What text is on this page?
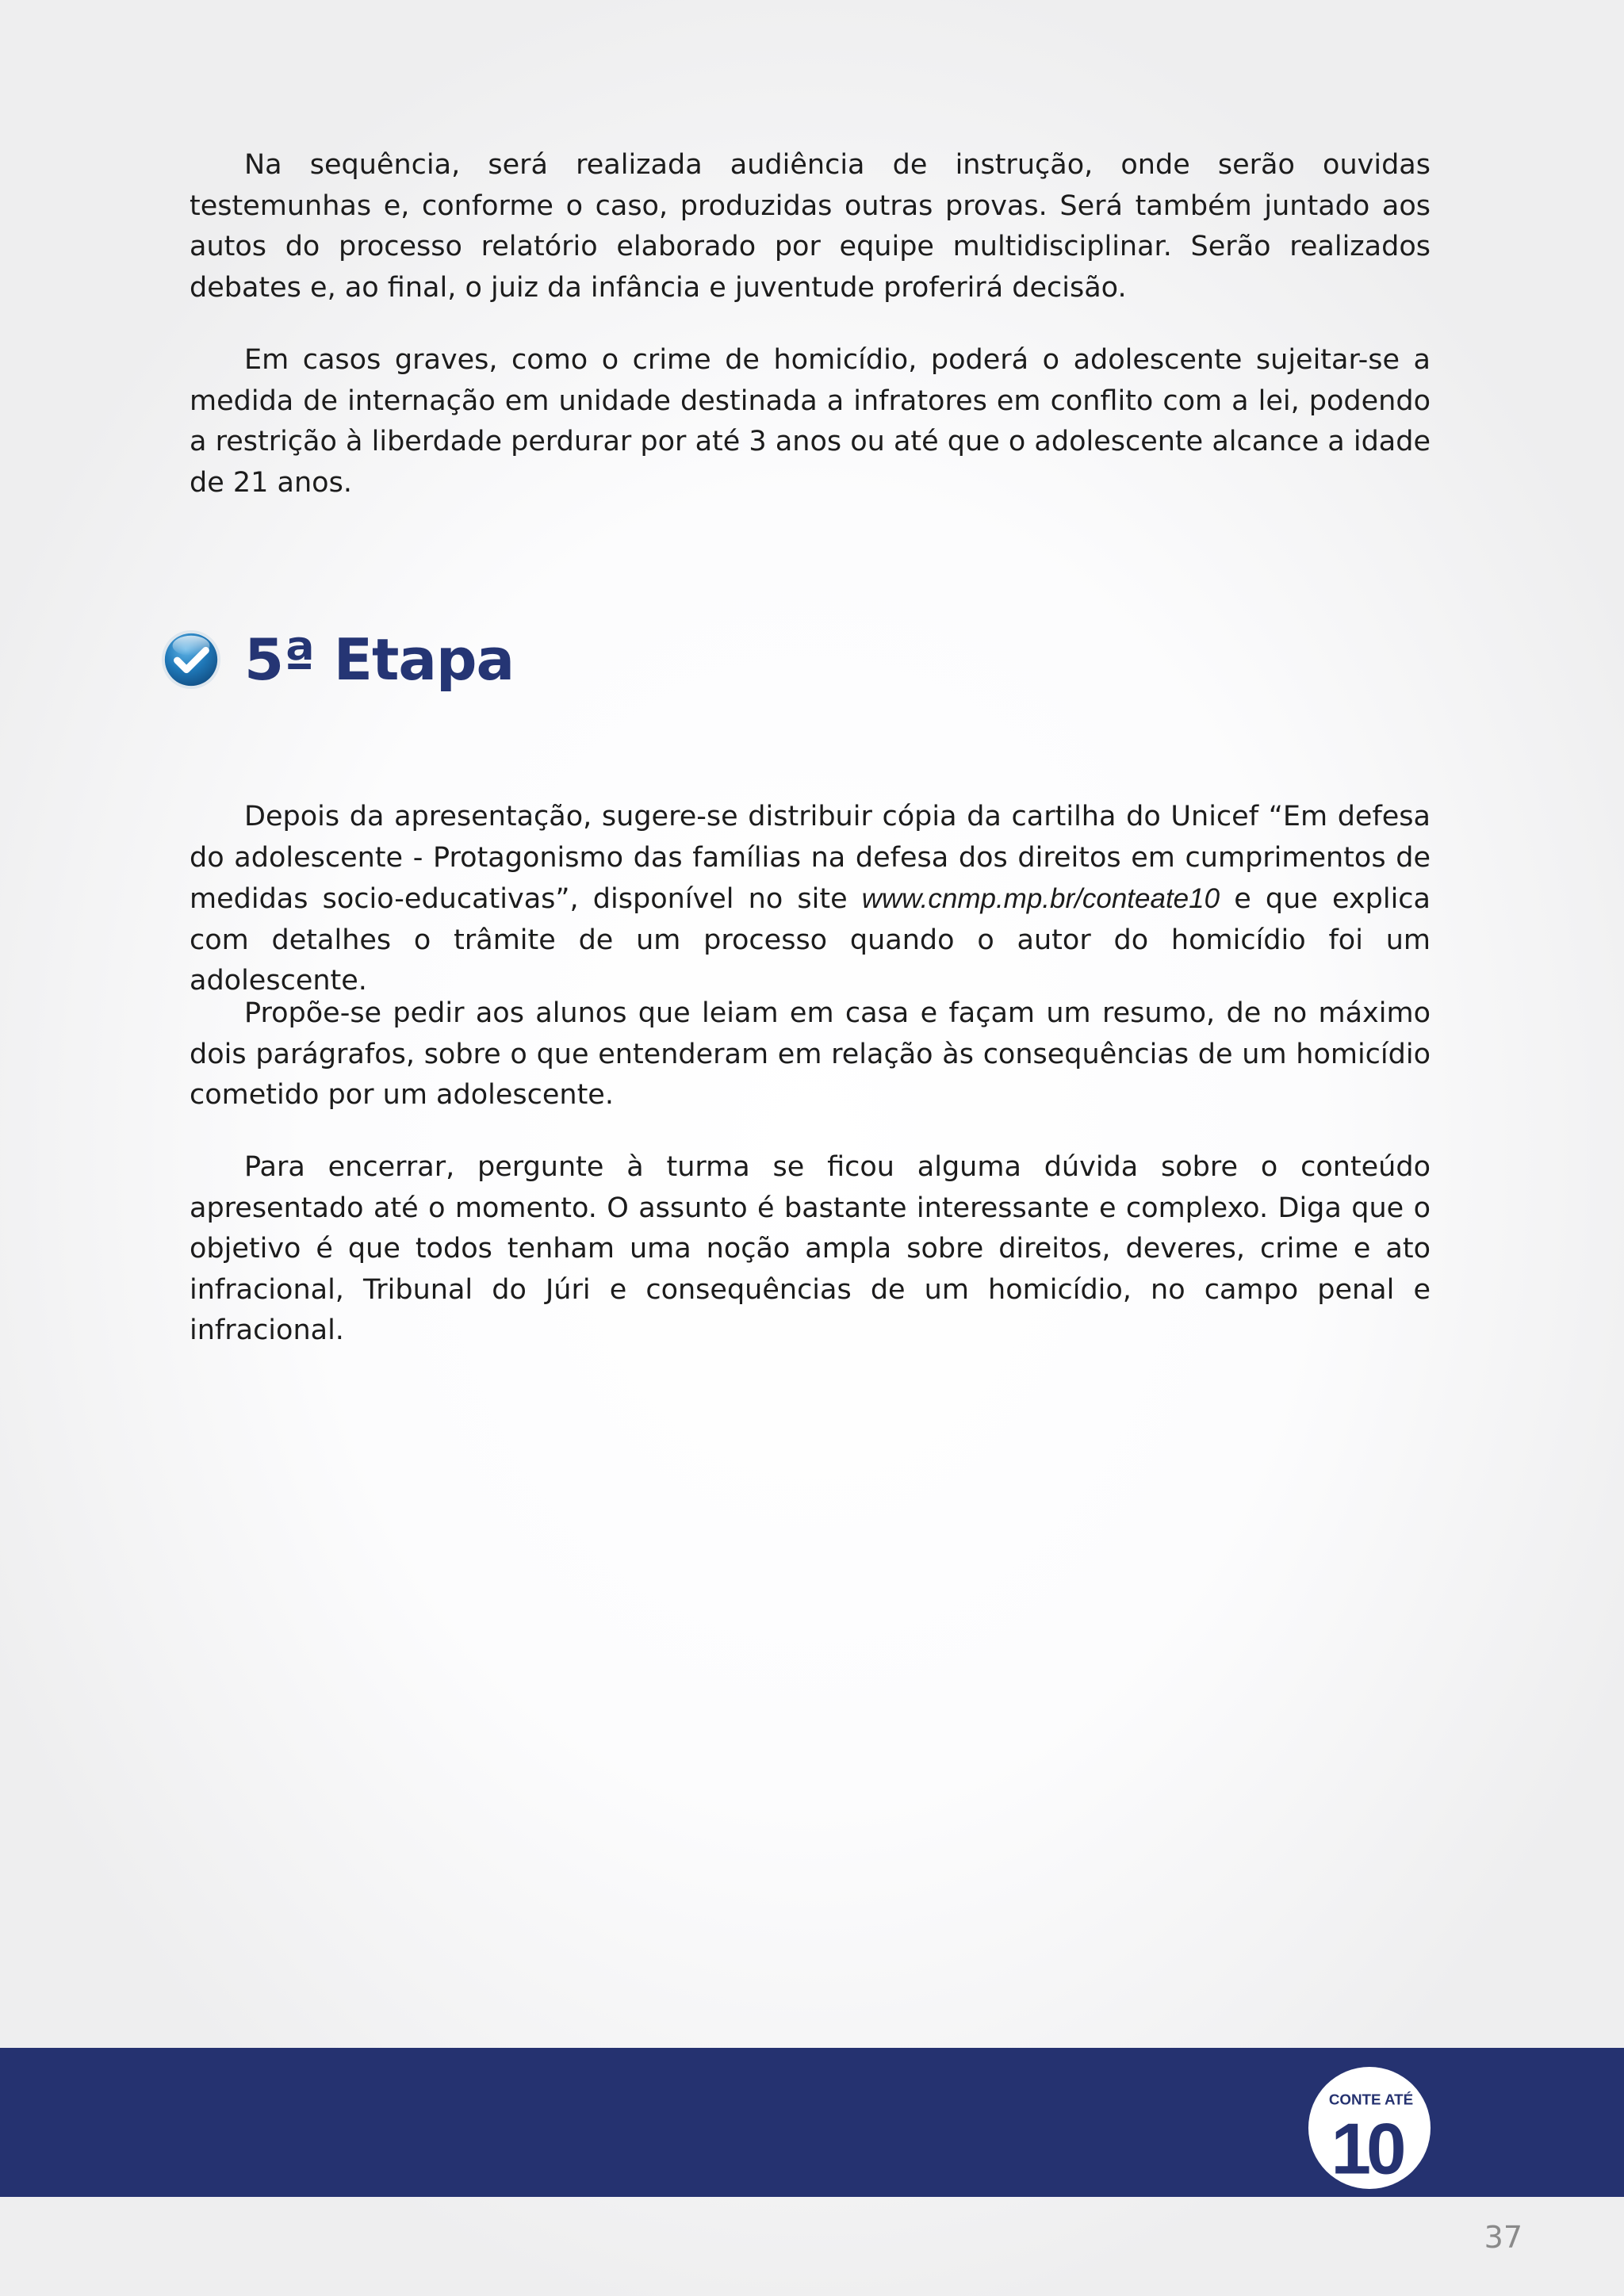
Na sequência, será realizada audiência de instrução, onde serão ouvidas testemunhas e, conforme o caso, produzidas outras provas. Será também juntado aos autos do processo relatório elaborado por equipe multidisciplinar. Serão realizados debates e, ao final, o juiz da infância e juventude proferirá decisão.

Em casos graves, como o crime de homicídio, poderá o adolescente sujeitar-se a medida de internação em unidade destinada a infratores em conflito com a lei, podendo a restrição à liberdade perdurar por até 3 anos ou até que o adolescente alcance a idade de 21 anos.

5ª Etapa

Depois da apresentação, sugere-se distribuir cópia da cartilha do Unicef “Em defesa do adolescente - Protagonismo das famílias na defesa dos direitos em cumprimentos de medidas socio-educativas”, disponível no site www.cnmp.mp.br/conteate10 e que explica com detalhes o trâmite de um processo quando o autor do homicídio foi um adolescente.

Propõe-se pedir aos alunos que leiam em casa e façam um resumo, de no máximo dois parágrafos, sobre o que entenderam em relação às consequências de um homicídio cometido por um adolescente.

Para encerrar, pergunte à turma se ficou alguma dúvida sobre o conteúdo apresentado até o momento. O assunto é bastante interessante e complexo. Diga que o objetivo é que todos tenham uma noção ampla sobre direitos, deveres, crime e ato infracional, Tribunal do Júri e consequências de um homicídio, no campo penal e infracional.

CONTE ATÉ
10
37
